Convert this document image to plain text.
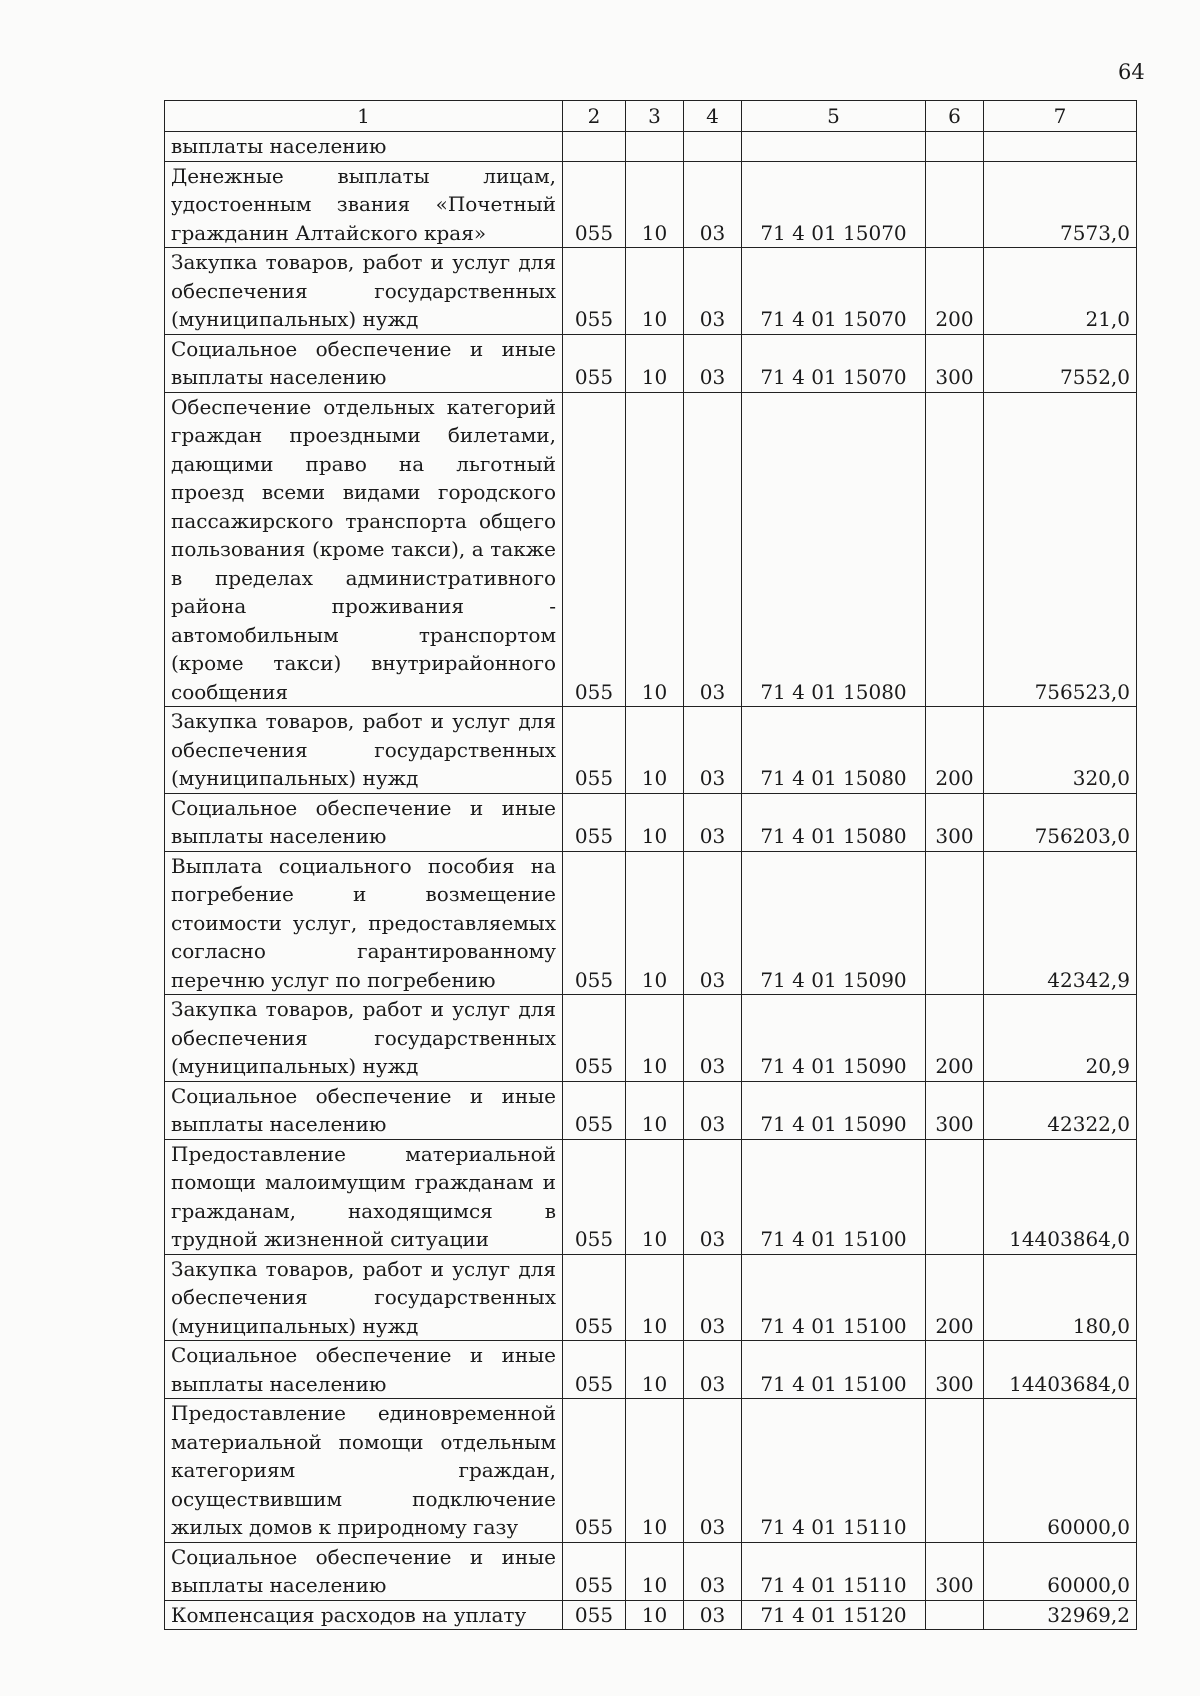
64
1	2	3	4	5	6	7
выплаты населению						
Денежные выплаты лицам, удостоенным звания «Почетный гражданин Алтайского края»	055	10	03	71 4 01 15070		7573,0
Закупка товаров, работ и услуг для обеспечения государственных (муниципальных) нужд	055	10	03	71 4 01 15070	200	21,0
Социальное обеспечение и иные выплаты населению	055	10	03	71 4 01 15070	300	7552,0
Обеспечение отдельных категорий граждан проездными билетами, дающими право на льготный проезд всеми видами городского пассажирского транспорта общего пользования (кроме такси), а также в пределах административного района проживания - автомобильным транспортом (кроме такси) внутрирайонного сообщения	055	10	03	71 4 01 15080		756523,0
Закупка товаров, работ и услуг для обеспечения государственных (муниципальных) нужд	055	10	03	71 4 01 15080	200	320,0
Социальное обеспечение и иные выплаты населению	055	10	03	71 4 01 15080	300	756203,0
Выплата социального пособия на погребение и возмещение стоимости услуг, предоставляемых согласно гарантированному перечню услуг по погребению	055	10	03	71 4 01 15090		42342,9
Закупка товаров, работ и услуг для обеспечения государственных (муниципальных) нужд	055	10	03	71 4 01 15090	200	20,9
Социальное обеспечение и иные выплаты населению	055	10	03	71 4 01 15090	300	42322,0
Предоставление материальной помощи малоимущим гражданам и гражданам, находящимся в трудной жизненной ситуации	055	10	03	71 4 01 15100		14403864,0
Закупка товаров, работ и услуг для обеспечения государственных (муниципальных) нужд	055	10	03	71 4 01 15100	200	180,0
Социальное обеспечение и иные выплаты населению	055	10	03	71 4 01 15100	300	14403684,0
Предоставление единовременной материальной помощи отдельным категориям граждан, осуществившим подключение жилых домов к природному газу	055	10	03	71 4 01 15110		60000,0
Социальное обеспечение и иные выплаты населению	055	10	03	71 4 01 15110	300	60000,0
Компенсация расходов на уплату	055	10	03	71 4 01 15120		32969,2
